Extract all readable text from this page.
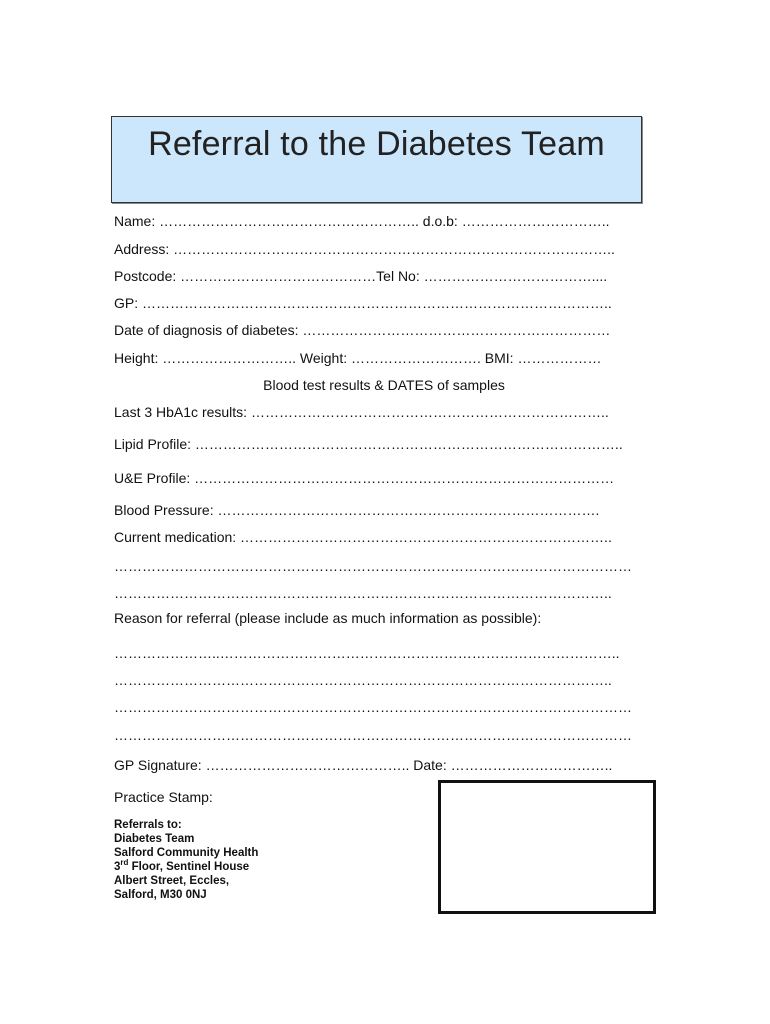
Referral to the Diabetes Team
Name: ……………………………………………….. d.o.b: …………………………..
Address: …………………………………………………………………………………..
Postcode: ……………………………………Tel No: ………………………………....
GP: ………………………………………………………………………………………..
Date of diagnosis of diabetes: …………………………………………………………
Height: ……………………….. Weight: ………………………. BMI: ………………
Blood test results & DATES of samples
Last 3 HbA1c results: …………………………………………………………………..
Lipid Profile: ………………………………………………………………………………..
U&E Profile: ………………………………………………………………………………
Blood Pressure: ……………………………………………………………………….
Current medication: ……………………………………………………………………..
…………………………………………………………………………………………………
……………………………………………………………………………………………..
Reason for referral (please include as much information as possible):
…………………..…………………………………………………………………………..
……………………………………………………………………………………………..
…………………………………………………………………………………………………
…………………………………………………………………………………………………
GP Signature: …………………………………….. Date: ……………………………..
Practice Stamp:
Referrals to:
Diabetes Team
Salford Community Health
3rd Floor, Sentinel House
Albert Street, Eccles,
Salford, M30 0NJ
